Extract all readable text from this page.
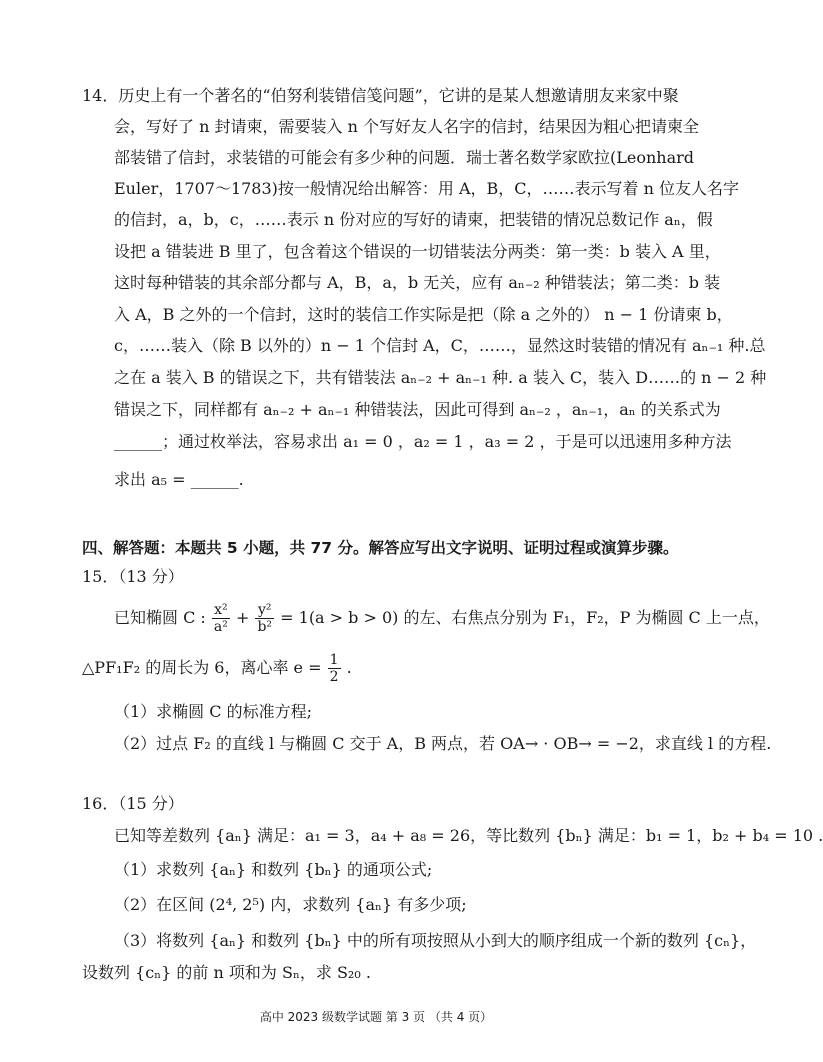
14．历史上有一个著名的“伯努利装错信笺问题”，它讲的是某人想邀请朋友来家中聚
会，写好了 n 封请柬，需要装入 n 个写好友人名字的信封，结果因为粗心把请柬全
部装错了信封，求装错的可能会有多少种的问题．瑞士著名数学家欧拉(Leonhard
Euler，1707～1783)按一般情况给出解答：用 A，B，C，……表示写着 n 位友人名字
的信封，a，b，c，……表示 n 份对应的写好的请柬，把装错的情况总数记作 aₙ，假
设把 a 错装进 B 里了，包含着这个错误的一切错装法分两类：第一类：b 装入 A 里，
这时每种错装的其余部分都与 A，B，a，b 无关，应有 aₙ₋₂ 种错装法；第二类：b 装
入 A，B 之外的一个信封，这时的装信工作实际是把（除 a 之外的） n − 1 份请柬 b，
c，……装入（除 B 以外的）n − 1 个信封 A，C，……，显然这时装错的情况有 aₙ₋₁ 种.总
之在 a 装入 B 的错误之下，共有错装法 aₙ₋₂ + aₙ₋₁ 种. a 装入 C，装入 D……的 n − 2 种
错误之下，同样都有 aₙ₋₂ + aₙ₋₁ 种错装法，因此可得到 aₙ₋₂ ，aₙ₋₁，aₙ 的关系式为
______；通过枚举法，容易求出 a₁ = 0 ，a₂ = 1 ，a₃ = 2 ，于是可以迅速用多种方法
求出 a₅ = ______.
四、解答题：本题共 5 小题，共 77 分。解答应写出文字说明、证明过程或演算步骤。
15．（13 分）
已知椭圆 C : $\frac{\text{x²}}{\text{a²}} + \frac{\text{y²}}{\text{b²}} = 1(a > b > 0)$ 的左、右焦点分别为 F₁，F₂，P 为椭圆 C 上一点，
△PF₁F₂ 的周长为 6，离心率 $e = \frac{1}{2}$ .
（1）求椭圆 C 的标准方程;
（2）过点 F₂ 的直线 l 与椭圆 C 交于 A，B 两点，若 OA→ · OB→ = −2，求直线 l 的方程.
16．（15 分）
已知等差数列 {aₙ} 满足：a₁ = 3，a₄ + a₈ = 26，等比数列 {bₙ} 满足：b₁ = 1，b₂ + b₄ = 10 .
（1）求数列 {aₙ} 和数列 {bₙ} 的通项公式;
（2）在区间 (2⁴, 2⁵) 内，求数列 {aₙ} 有多少项;
（3）将数列 {aₙ} 和数列 {bₙ} 中的所有项按照从小到大的顺序组成一个新的数列 {cₙ}，
设数列 {cₙ} 的前 n 项和为 Sₙ，求 S₂₀ .
高中 2023 级数学试题 第 3 页 （共 4 页）
